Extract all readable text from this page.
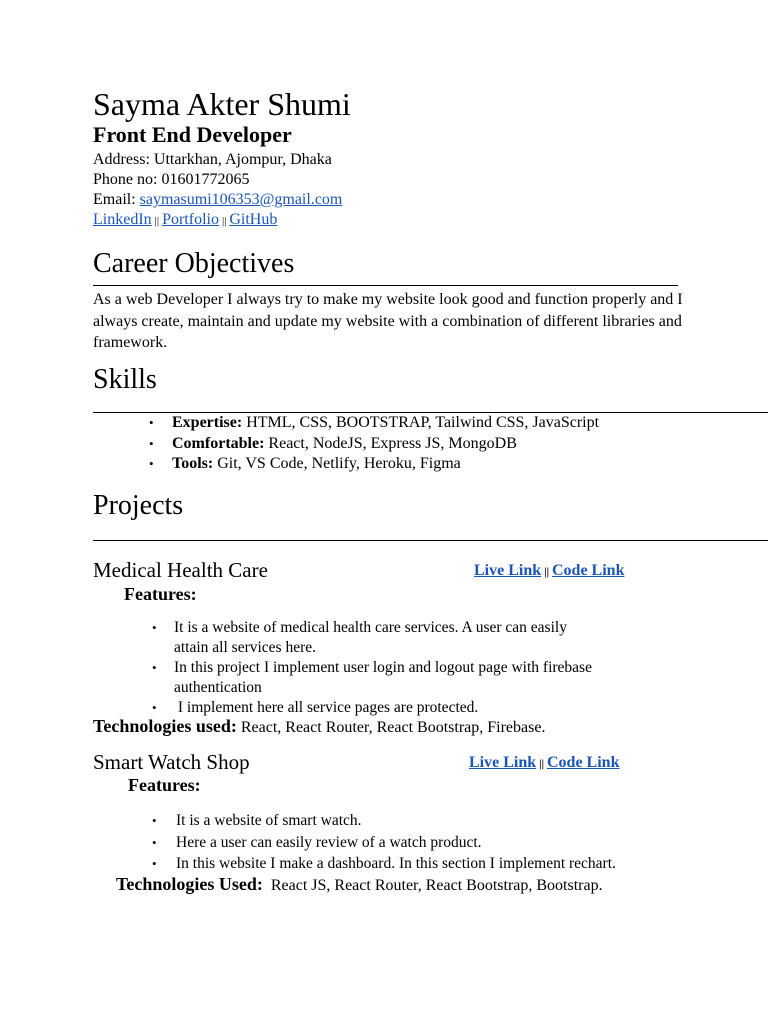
Sayma Akter Shumi
Front End Developer
Address: Uttarkhan, Ajompur, Dhaka
Phone no: 01601772065
Email: saymasumi106353@gmail.com
LinkedIn || Portfolio || GitHub
Career Objectives
As a web Developer I always try to make my website look good and function properly and I always create, maintain and update my website with a combination of different libraries and framework.
Skills
• Expertise: HTML, CSS, BOOTSTRAP, Tailwind CSS, JavaScript
• Comfortable: React, NodeJS, Express JS, MongoDB
• Tools: Git, VS Code, Netlify, Heroku, Figma
Projects
Medical Health Care	Live Link || Code Link
Features:
• It is a website of medical health care services. A user can easily
attain all services here.
• In this project I implement user login and logout page with firebase
authentication
• I implement here all service pages are protected.
Technologies used: React, React Router, React Bootstrap, Firebase.
Smart Watch Shop	Live Link || Code Link
Features:
• It is a website of smart watch.
• Here a user can easily review of a watch product.
• In this website I make a dashboard. In this section I implement rechart.
Technologies Used:  React JS, React Router, React Bootstrap, Bootstrap.
